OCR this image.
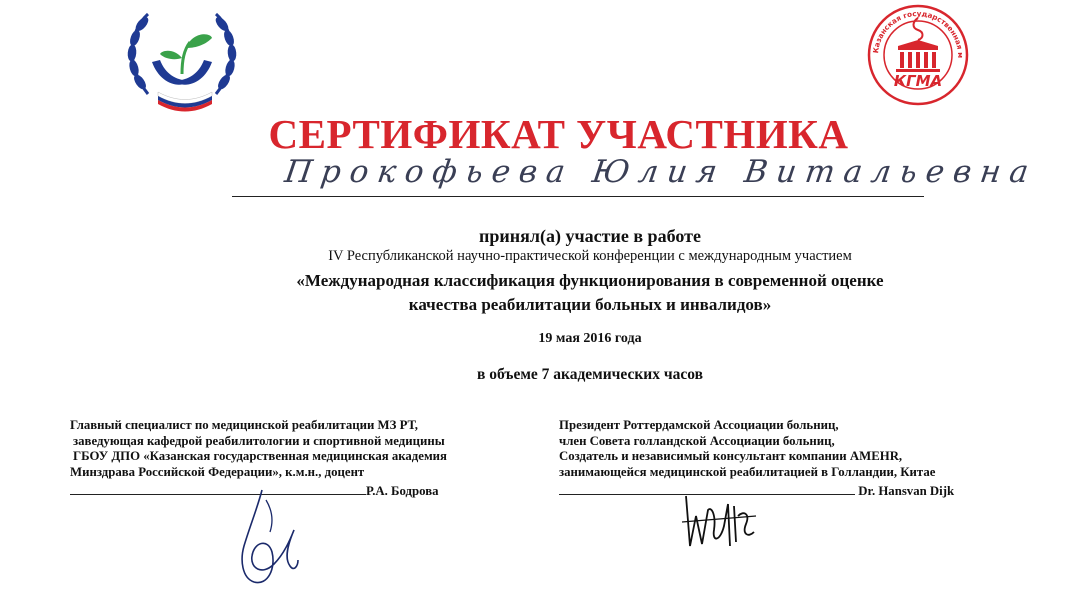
Казанская государственная м
КГМА
СЕРТИФИКАТ УЧАСТНИКА
Прокофьева Юлия Витальевна
принял(а) участие в работе
IV Республиканской научно-практической конференции с международным участием
«Международная классификация функционирования в современной оценке
качества реабилитации больных и инвалидов»
19 мая 2016 года
в объеме 7 академических часов
Главный специалист по медицинской реабилитации МЗ РТ,
заведующая кафедрой реабилитологии и спортивной медицины
ГБОУ ДПО «Казанская государственная медицинская академия
Минздрава Российской Федерации», к.м.н., доцент
Р.А. Бодрова
Президент Роттердамской Ассоциации больниц,
член Совета голландской Ассоциации больниц,
Создатель и независимый консультант компании AMEHR,
занимающейся медицинской реабилитацией в Голландии, Китае
Dr. Hansvan Dijk
